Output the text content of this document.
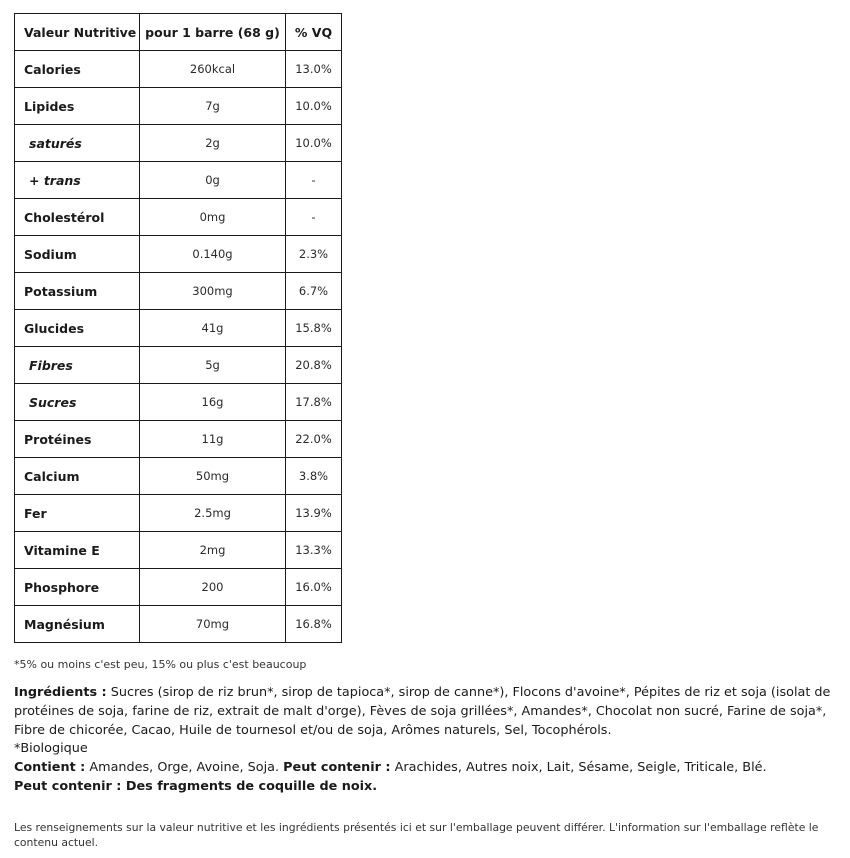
Valeur Nutritive	pour 1 barre (68 g)	% VQ
Calories	260kcal	13.0%
Lipides	7g	10.0%
saturés	2g	10.0%
+ trans	0g	-
Cholestérol	0mg	-
Sodium	0.140g	2.3%
Potassium	300mg	6.7%
Glucides	41g	15.8%
Fibres	5g	20.8%
Sucres	16g	17.8%
Protéines	11g	22.0%
Calcium	50mg	3.8%
Fer	2.5mg	13.9%
Vitamine E	2mg	13.3%
Phosphore	200	16.0%
Magnésium	70mg	16.8%
*5% ou moins c'est peu, 15% ou plus c'est beaucoup
Ingrédients : Sucres (sirop de riz brun*, sirop de tapioca*, sirop de canne*), Flocons d'avoine*, Pépites de riz et soja (isolat de protéines de soja, farine de riz, extrait de malt d'orge), Fèves de soja grillées*, Amandes*, Chocolat non sucré, Farine de soja*, Fibre de chicorée, Cacao, Huile de tournesol et/ou de soja, Arômes naturels, Sel, Tocophérols.
*Biologique
Contient : Amandes, Orge, Avoine, Soja. Peut contenir : Arachides, Autres noix, Lait, Sésame, Seigle, Triticale, Blé.
Peut contenir : Des fragments de coquille de noix.
Les renseignements sur la valeur nutritive et les ingrédients présentés ici et sur l'emballage peuvent différer. L'information sur l'emballage reflète le contenu actuel.
